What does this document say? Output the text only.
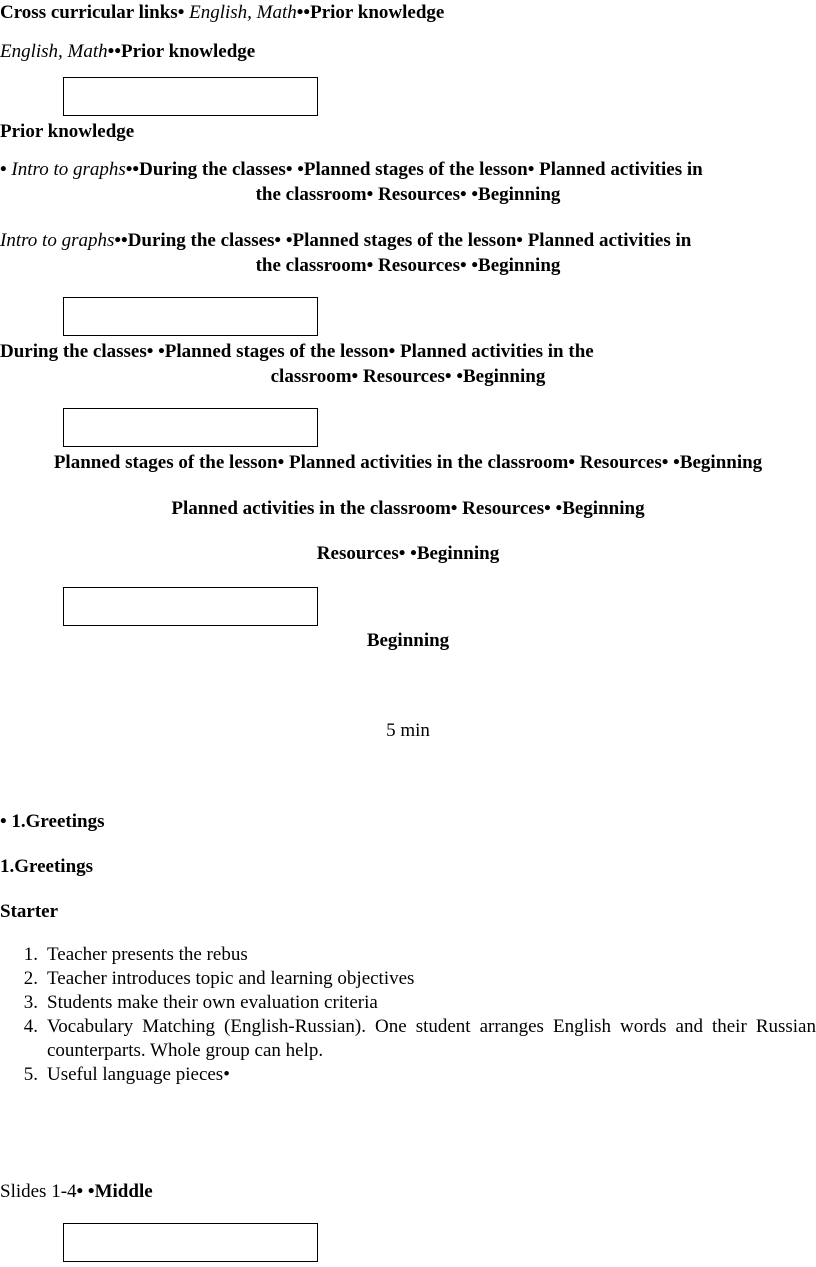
Cross curricular links• English, Math••Prior knowledge
English, Math••Prior knowledge
Prior knowledge
• Intro to graphs••During the classes• •Planned stages of the lesson• Planned activities in
the classroom• Resources• •Beginning
Intro to graphs••During the classes• •Planned stages of the lesson• Planned activities in
the classroom• Resources• •Beginning
During the classes• •Planned stages of the lesson• Planned activities in the
classroom• Resources• •Beginning
Planned stages of the lesson• Planned activities in the classroom• Resources• •Beginning
Planned activities in the classroom• Resources• •Beginning
Resources• •Beginning
Beginning
5 min
• 1.Greetings
1.Greetings
Starter
1. Teacher presents the rebus
2. Teacher introduces topic and learning objectives
3. Students make their own evaluation criteria
4. Vocabulary Matching (English-Russian). One student arranges English words and their Russian counterparts. Whole group can help.
5. Useful language pieces•
Slides 1-4• •Middle
